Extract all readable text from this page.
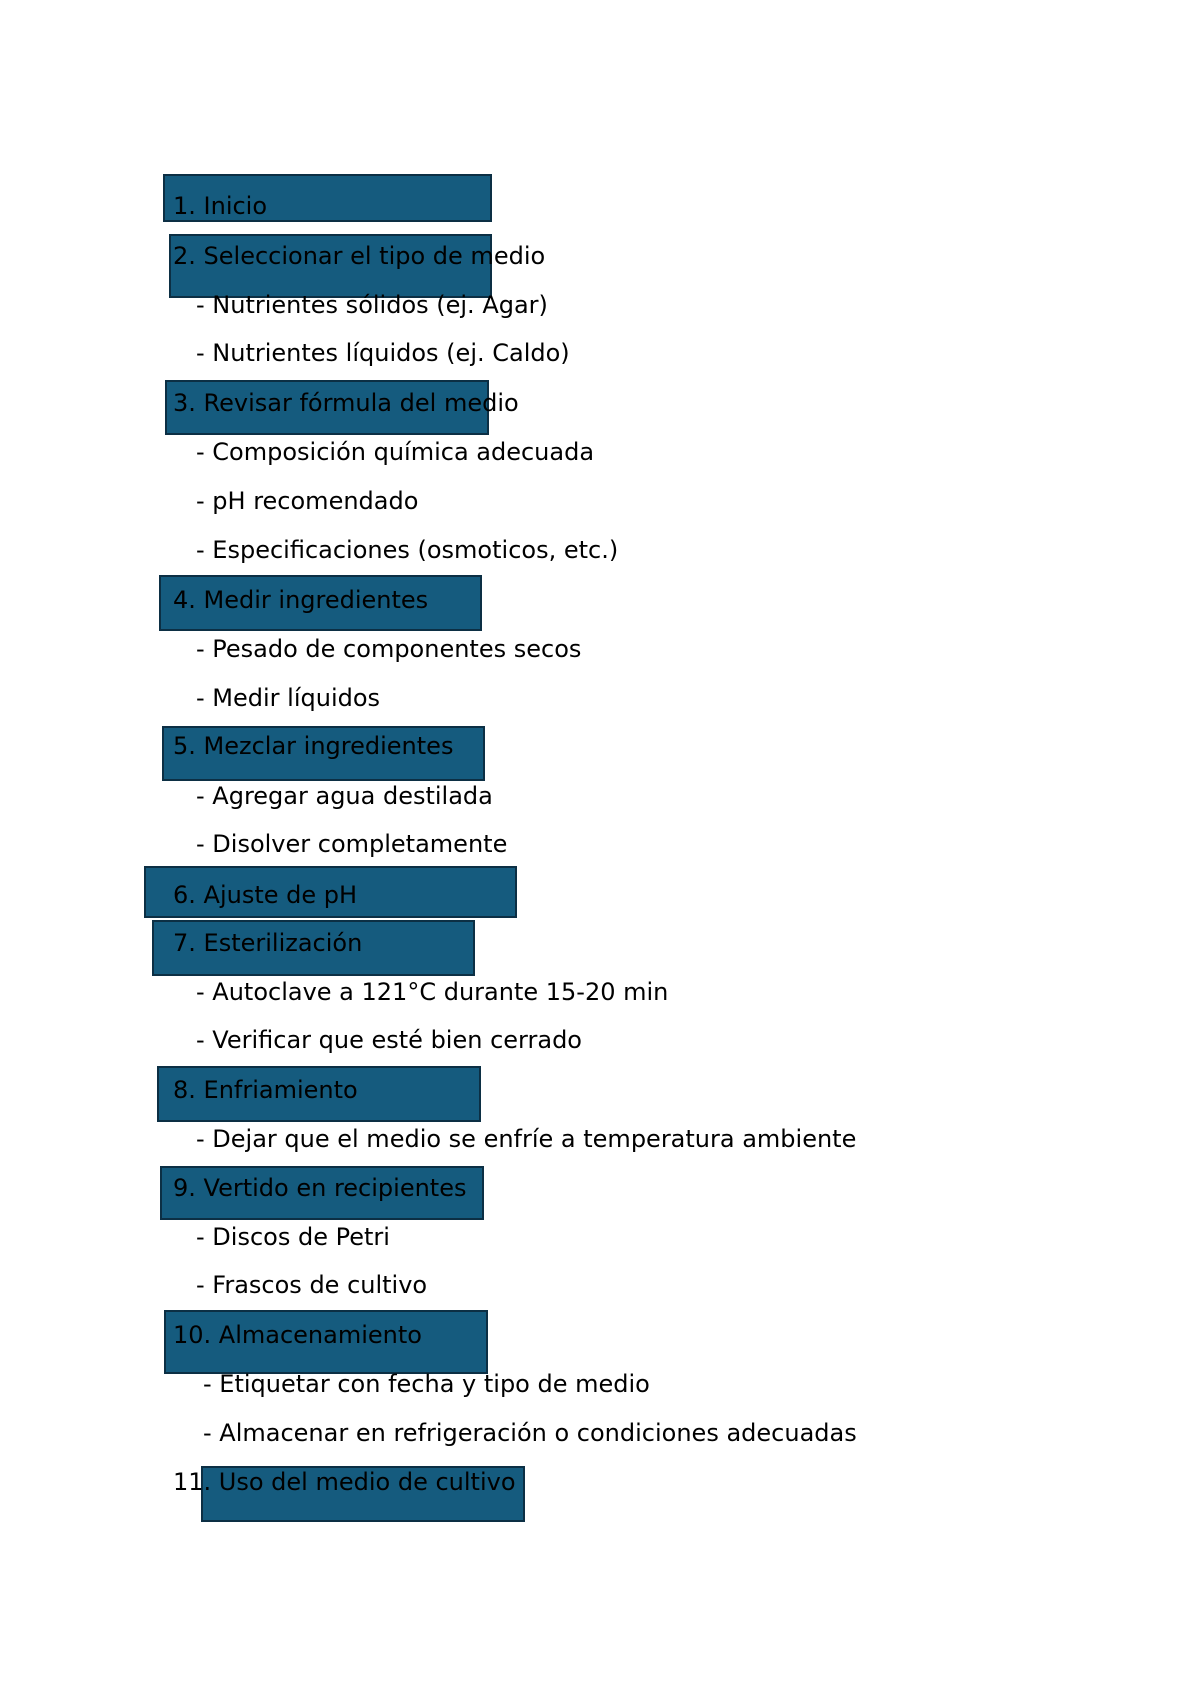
1. Inicio
2. Seleccionar el tipo de medio
- Nutrientes sólidos (ej. Agar)
- Nutrientes líquidos (ej. Caldo)
3. Revisar fórmula del medio
- Composición química adecuada
- pH recomendado
- Especificaciones (osmoticos, etc.)
4. Medir ingredientes
- Pesado de componentes secos
- Medir líquidos
5. Mezclar ingredientes
- Agregar agua destilada
- Disolver completamente
6. Ajuste de pH
7. Esterilización
- Autoclave a 121°C durante 15-20 min
- Verificar que esté bien cerrado
8. Enfriamiento
- Dejar que el medio se enfríe a temperatura ambiente
9. Vertido en recipientes
- Discos de Petri
- Frascos de cultivo
10. Almacenamiento
- Etiquetar con fecha y tipo de medio
- Almacenar en refrigeración o condiciones adecuadas
11. Uso del medio de cultivo
